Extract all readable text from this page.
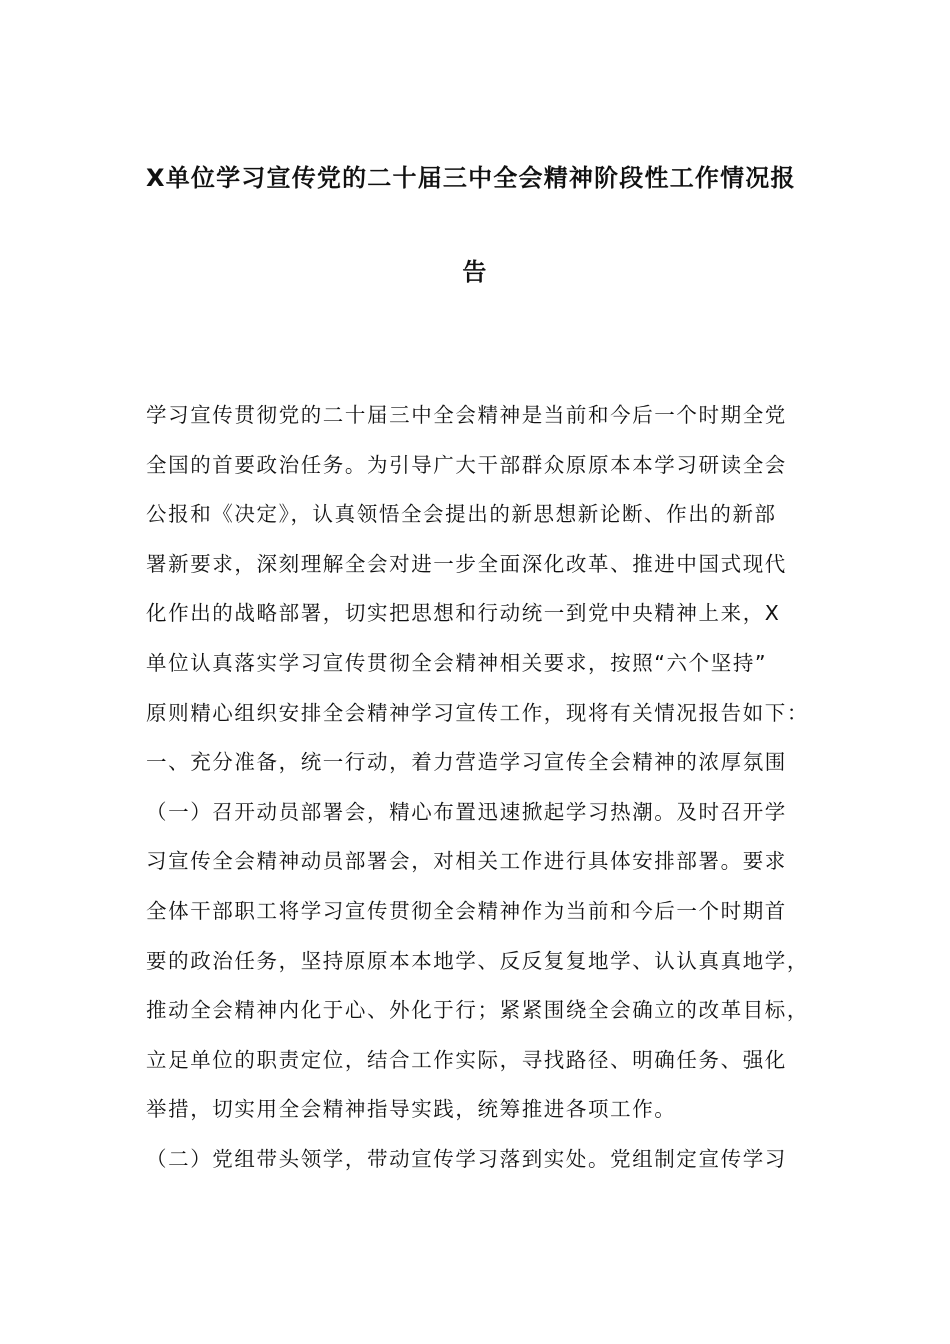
X单位学习宣传党的二十届三中全会精神阶段性工作情况报
告
学习宣传贯彻党的二十届三中全会精神是当前和今后一个时期全党
全国的首要政治任务。为引导广大干部群众原原本本学习研读全会
公报和《决定》，认真领悟全会提出的新思想新论断、作出的新部
署新要求，深刻理解全会对进一步全面深化改革、推进中国式现代
化作出的战略部署，切实把思想和行动统一到党中央精神上来，X
单位认真落实学习宣传贯彻全会精神相关要求，按照“六个坚持”
原则精心组织安排全会精神学习宣传工作，现将有关情况报告如下：
一、充分准备，统一行动，着力营造学习宣传全会精神的浓厚氛围
（一）召开动员部署会，精心布置迅速掀起学习热潮。及时召开学
习宣传全会精神动员部署会，对相关工作进行具体安排部署。要求
全体干部职工将学习宣传贯彻全会精神作为当前和今后一个时期首
要的政治任务，坚持原原本本地学、反反复复地学、认认真真地学，
推动全会精神内化于心、外化于行；紧紧围绕全会确立的改革目标，
立足单位的职责定位，结合工作实际，寻找路径、明确任务、强化
举措，切实用全会精神指导实践，统筹推进各项工作。
（二）党组带头领学，带动宣传学习落到实处。党组制定宣传学习
